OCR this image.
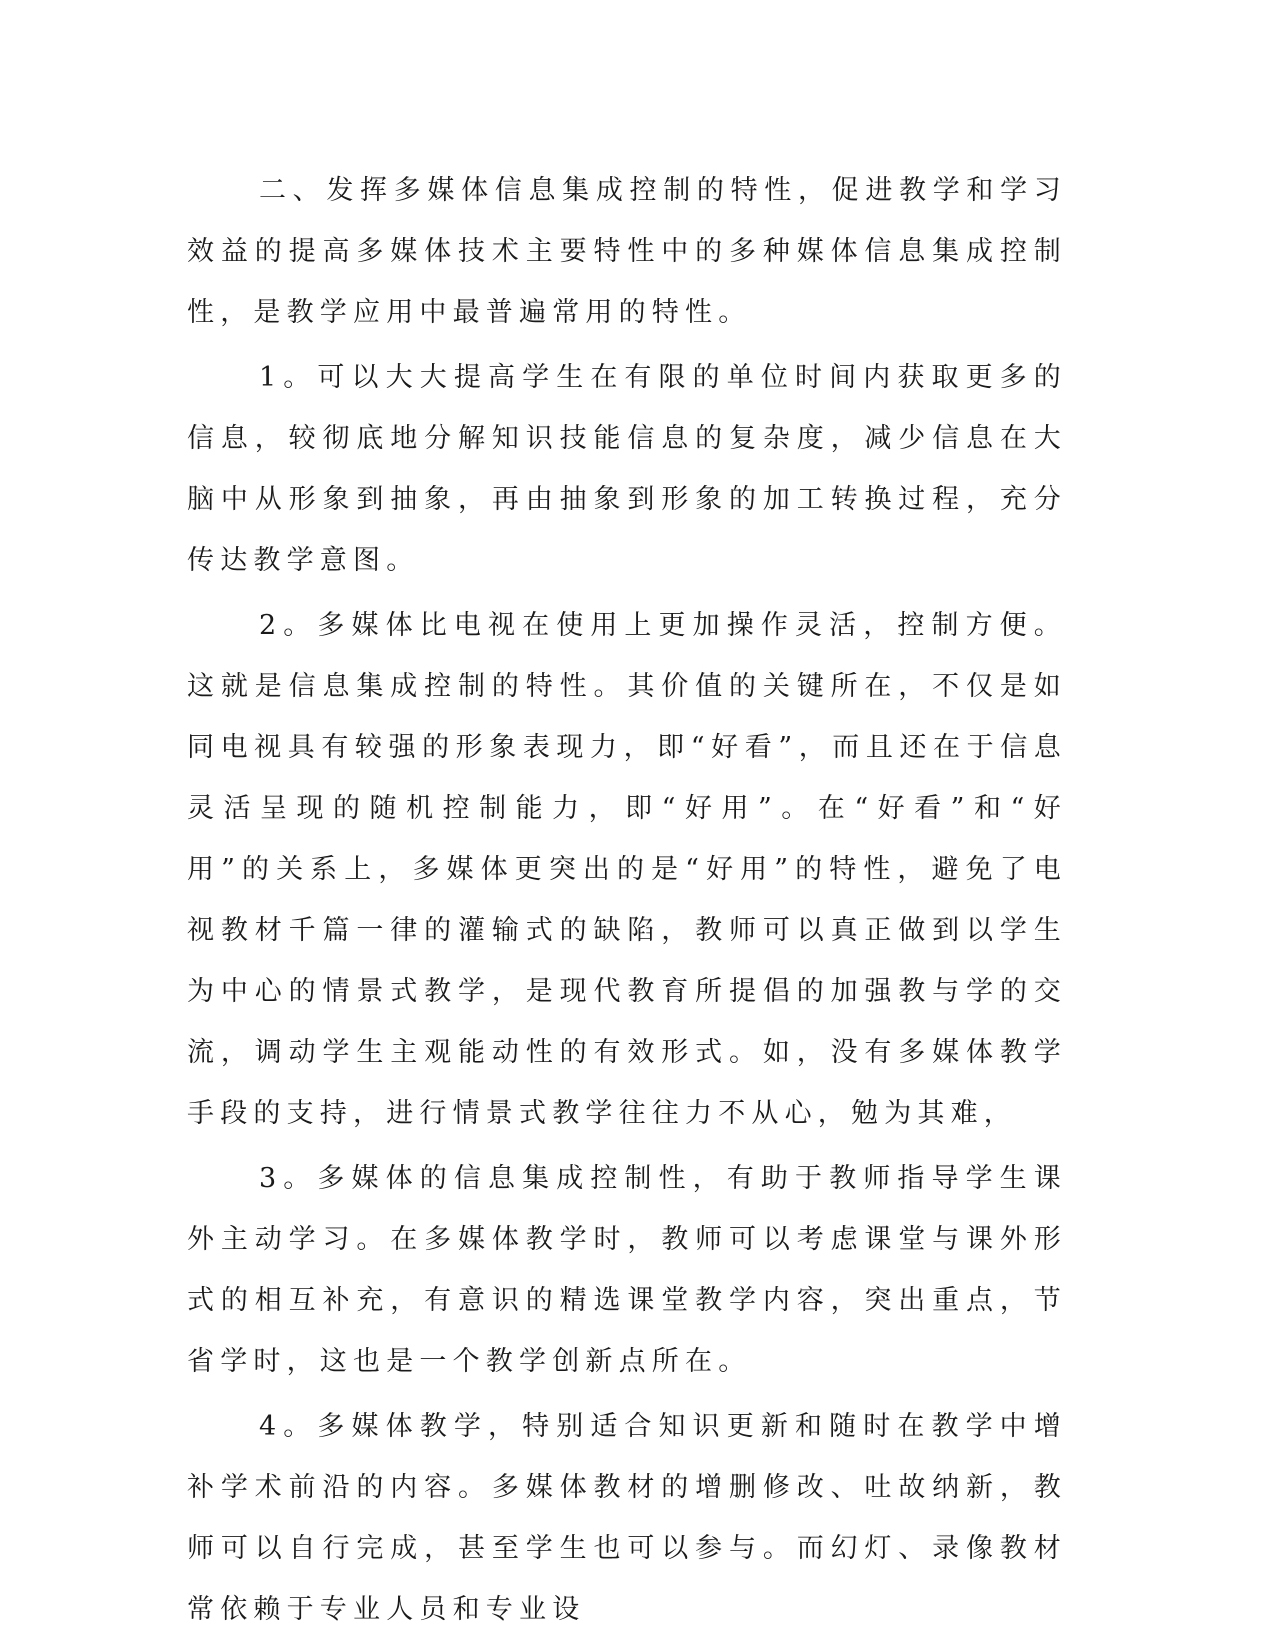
二、发挥多媒体信息集成控制的特性，促进教学和学习效益的提高多媒体技术主要特性中的多种媒体信息集成控制性，是教学应用中最普遍常用的特性。

1。可以大大提高学生在有限的单位时间内获取更多的信息，较彻底地分解知识技能信息的复杂度，减少信息在大脑中从形象到抽象，再由抽象到形象的加工转换过程，充分传达教学意图。

2。多媒体比电视在使用上更加操作灵活，控制方便。这就是信息集成控制的特性。其价值的关键所在，不仅是如同电视具有较强的形象表现力，即“好看”，而且还在于信息灵活呈现的随机控制能力，即“好用”。在“好看”和“好用”的关系上，多媒体更突出的是“好用”的特性，避免了电视教材千篇一律的灌输式的缺陷，教师可以真正做到以学生为中心的情景式教学，是现代教育所提倡的加强教与学的交流，调动学生主观能动性的有效形式。如，没有多媒体教学手段的支持，进行情景式教学往往力不从心，勉为其难，

3。多媒体的信息集成控制性，有助于教师指导学生课外主动学习。在多媒体教学时，教师可以考虑课堂与课外形式的相互补充，有意识的精选课堂教学内容，突出重点，节省学时，这也是一个教学创新点所在。

4。多媒体教学，特别适合知识更新和随时在教学中增补学术前沿的内容。多媒体教材的增删修改、吐故纳新，教师可以自行完成，甚至学生也可以参与。而幻灯、录像教材常依赖于专业人员和专业设
